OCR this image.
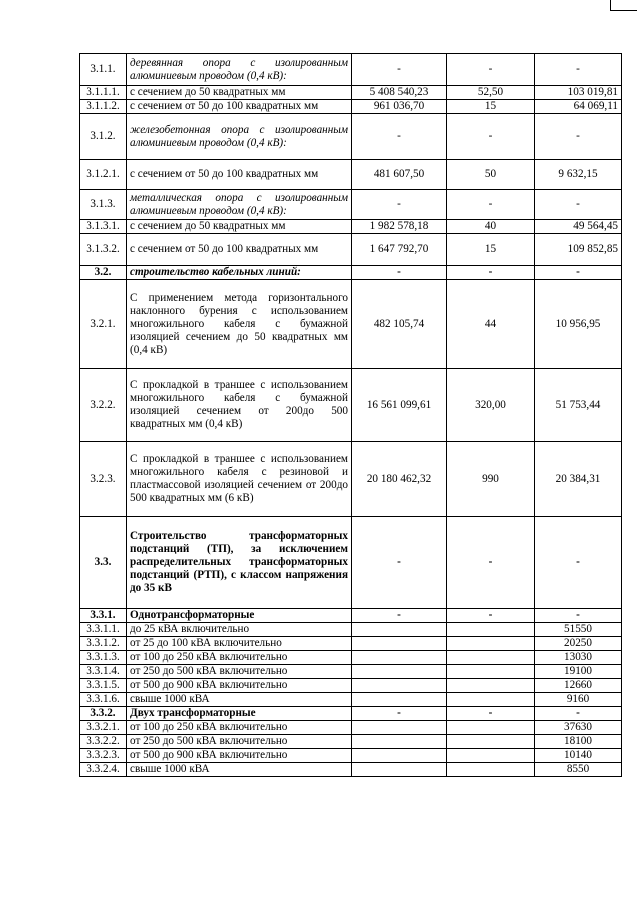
3.1.1.	деревянная опора с изолированным алюминиевым проводом (0,4 кВ):	-	-	-
3.1.1.1.	с сечением до 50 квадратных мм	5 408 540,23	52,50	103 019,81
3.1.1.2.	с сечением от 50 до 100 квадратных мм	961 036,70	15	64 069,11
3.1.2.	железобетонная опора с изолированным алюминиевым проводом (0,4 кВ):	-	-	-
3.1.2.1.	с сечением от 50 до 100 квадратных мм	481 607,50	50	9 632,15
3.1.3.	металлическая опора с изолированным алюминиевым проводом (0,4 кВ):	-	-	-
3.1.3.1.	с сечением до 50 квадратных мм	1 982 578,18	40	49 564,45
3.1.3.2.	с сечением от 50 до 100 квадратных мм	1 647 792,70	15	109 852,85
3.2.	строительство кабельных линий:	-	-	-
3.2.1.	С применением метода горизонтального наклонного бурения с использованием многожильного кабеля с бумажной изоляцией сечением до 50 квадратных мм (0,4 кВ)	482 105,74	44	10 956,95
3.2.2.	С прокладкой в траншее с использованием многожильного кабеля с бумажной изоляцией сечением от 200до 500 квадратных мм (0,4 кВ)	16 561 099,61	320,00	51 753,44
3.2.3.	С прокладкой в траншее с использованием многожильного кабеля с резиновой и пластмассовой изоляцией сечением от 200до 500 квадратных мм (6 кВ)	20 180 462,32	990	20 384,31
3.3.	Строительство трансформаторных подстанций (ТП), за исключением распределительных трансформаторных подстанций (РТП), с классом напряжения до 35 кВ	-	-	-
3.3.1.	Однотрансформаторные	-	-	-
3.3.1.1.	до 25 кВА включительно			51550
3.3.1.2.	от 25 до 100 кВА включительно			20250
3.3.1.3.	от 100 до 250 кВА включительно			13030
3.3.1.4.	от 250 до 500 кВА включительно			19100
3.3.1.5.	от 500 до 900 кВА включительно			12660
3.3.1.6.	свыше 1000 кВА			9160
3.3.2.	Двух трансформаторные	-	-	-
3.3.2.1.	от 100 до 250 кВА включительно			37630
3.3.2.2.	от 250 до 500 кВА включительно			18100
3.3.2.3.	от 500 до 900 кВА включительно			10140
3.3.2.4.	свыше 1000 кВА			8550
